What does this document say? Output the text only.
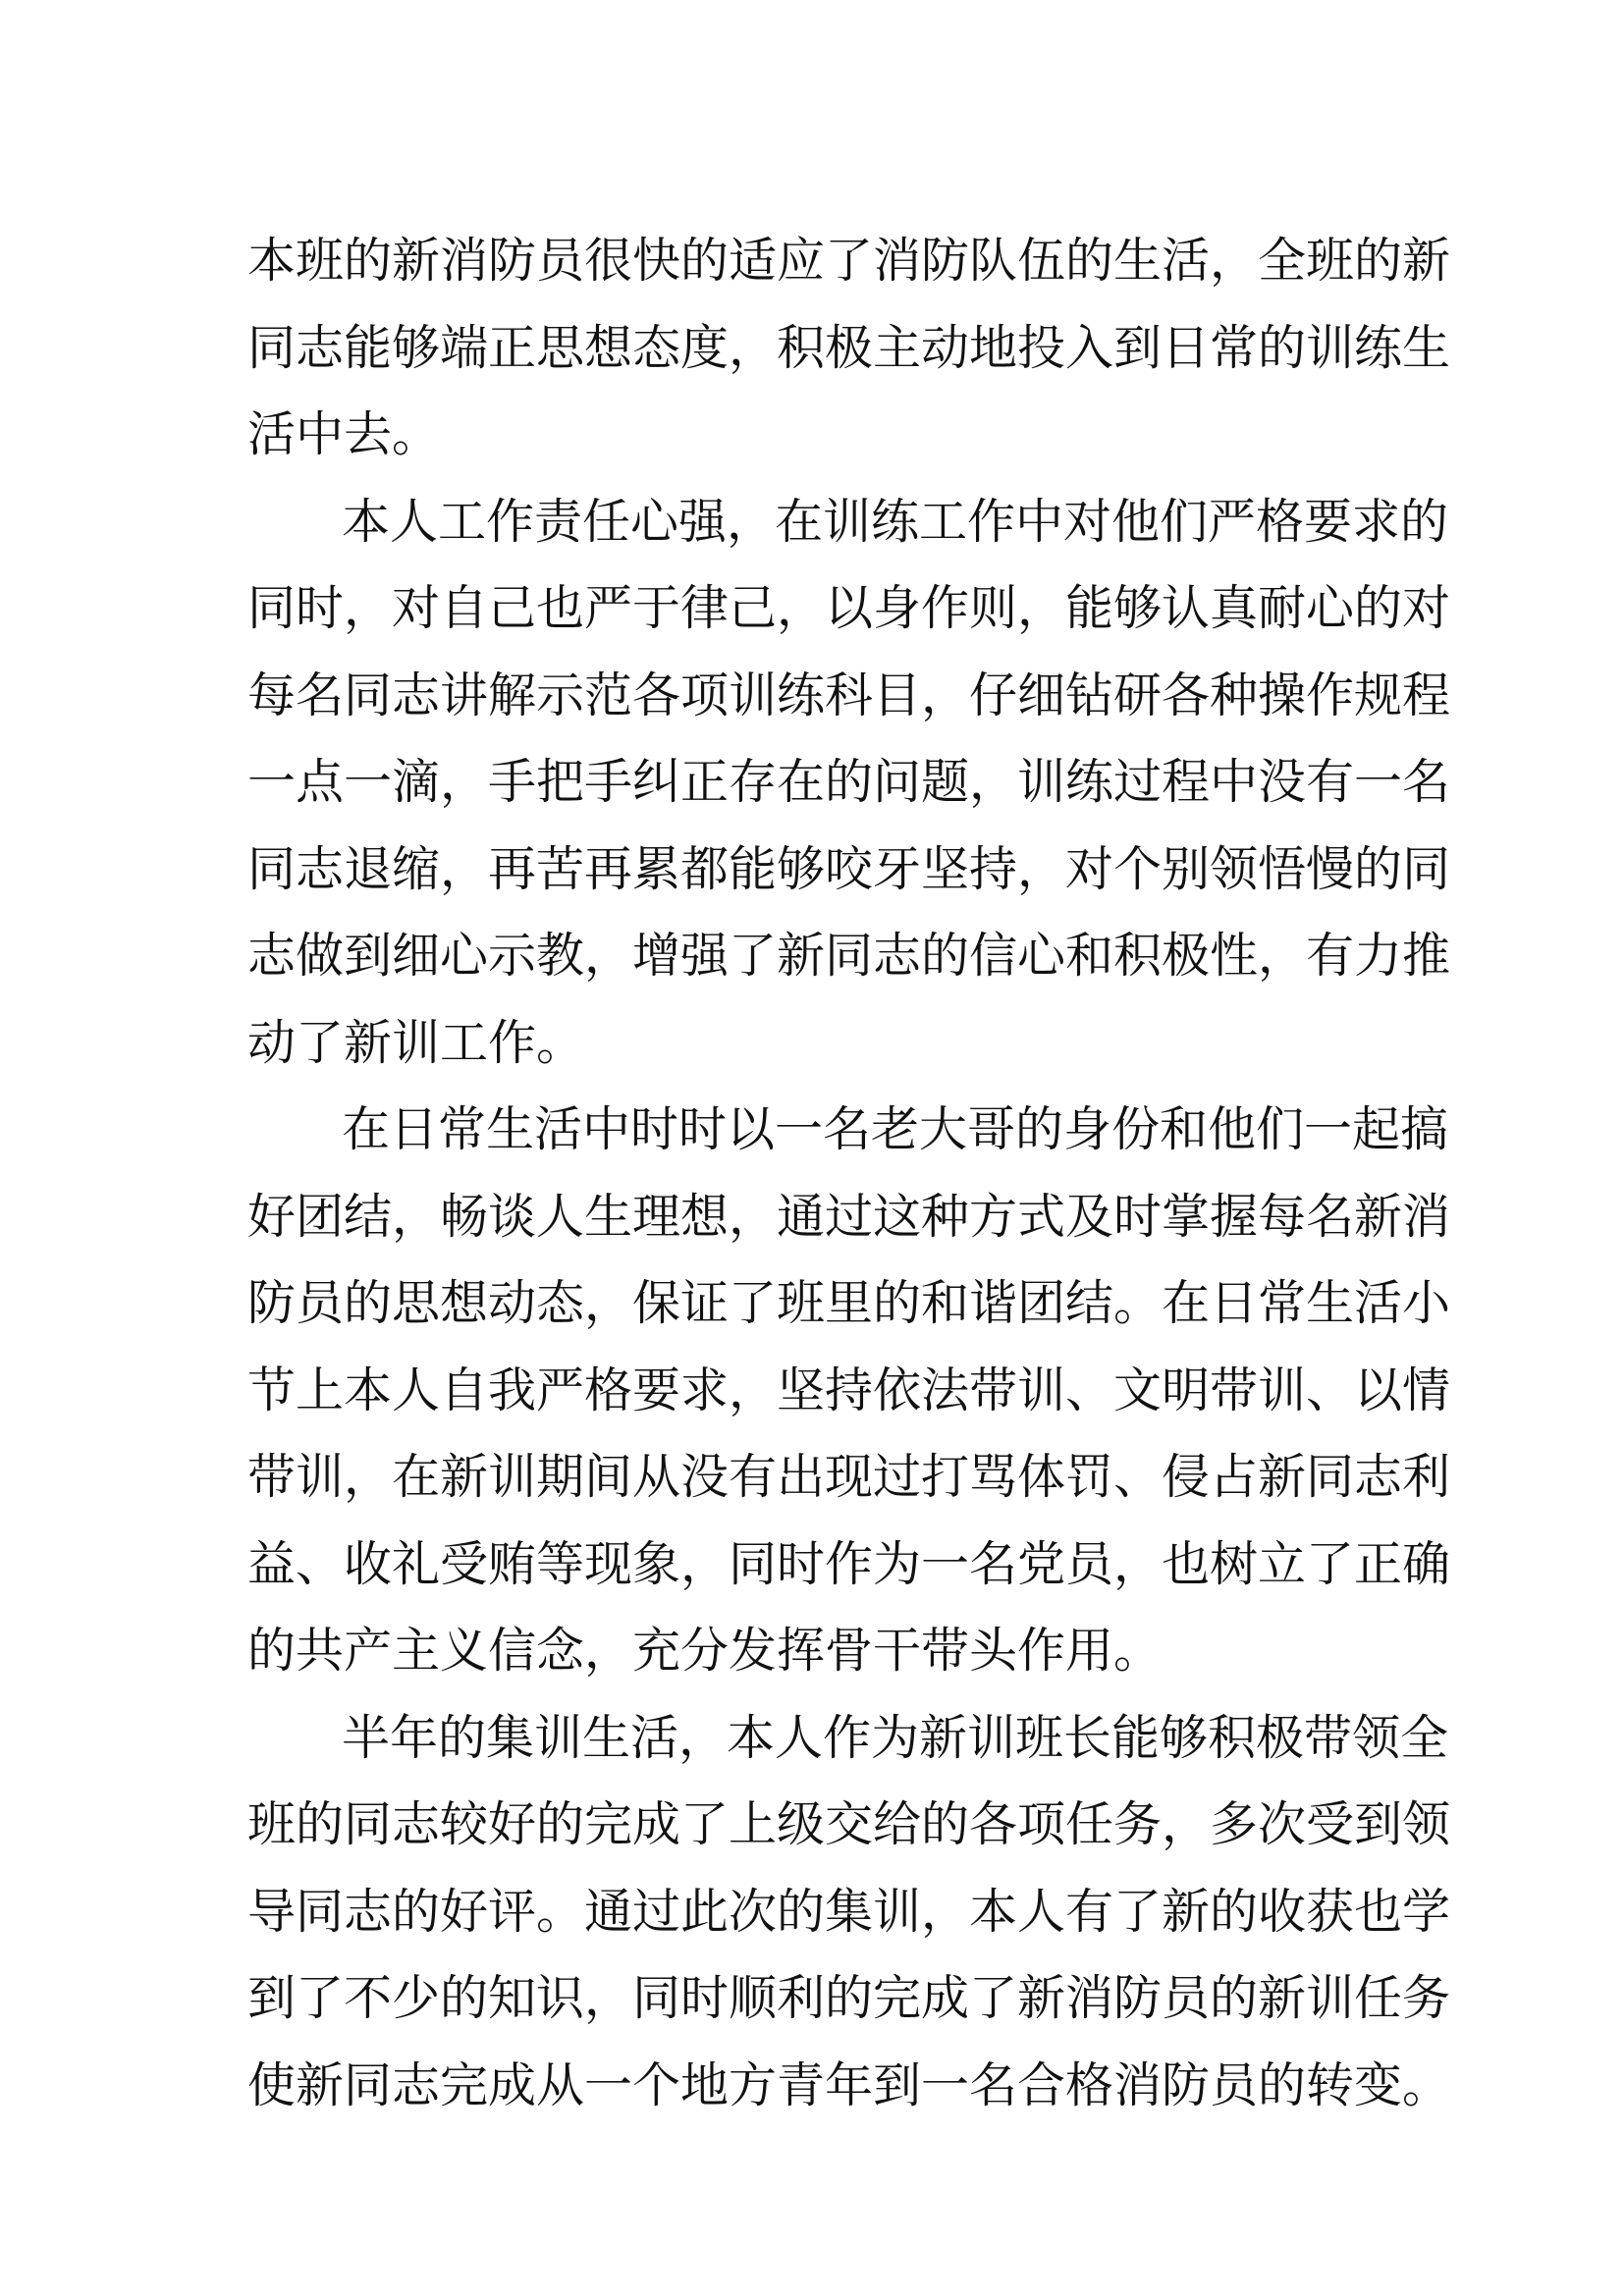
本班的新消防员很快的适应了消防队伍的生活，全班的新
同志能够端正思想态度，积极主动地投入到日常的训练生
活中去。
本人工作责任心强，在训练工作中对他们严格要求的
同时，对自己也严于律己，以身作则，能够认真耐心的对
每名同志讲解示范各项训练科目，仔细钻研各种操作规程
一点一滴，手把手纠正存在的问题，训练过程中没有一名
同志退缩，再苦再累都能够咬牙坚持，对个别领悟慢的同
志做到细心示教，增强了新同志的信心和积极性，有力推
动了新训工作。
在日常生活中时时以一名老大哥的身份和他们一起搞
好团结，畅谈人生理想，通过这种方式及时掌握每名新消
防员的思想动态，保证了班里的和谐团结。在日常生活小
节上本人自我严格要求，坚持依法带训、文明带训、以情
带训，在新训期间从没有出现过打骂体罚、侵占新同志利
益、收礼受贿等现象，同时作为一名党员，也树立了正确
的共产主义信念，充分发挥骨干带头作用。
半年的集训生活，本人作为新训班长能够积极带领全
班的同志较好的完成了上级交给的各项任务，多次受到领
导同志的好评。通过此次的集训，本人有了新的收获也学
到了不少的知识，同时顺利的完成了新消防员的新训任务
使新同志完成从一个地方青年到一名合格消防员的转变。
